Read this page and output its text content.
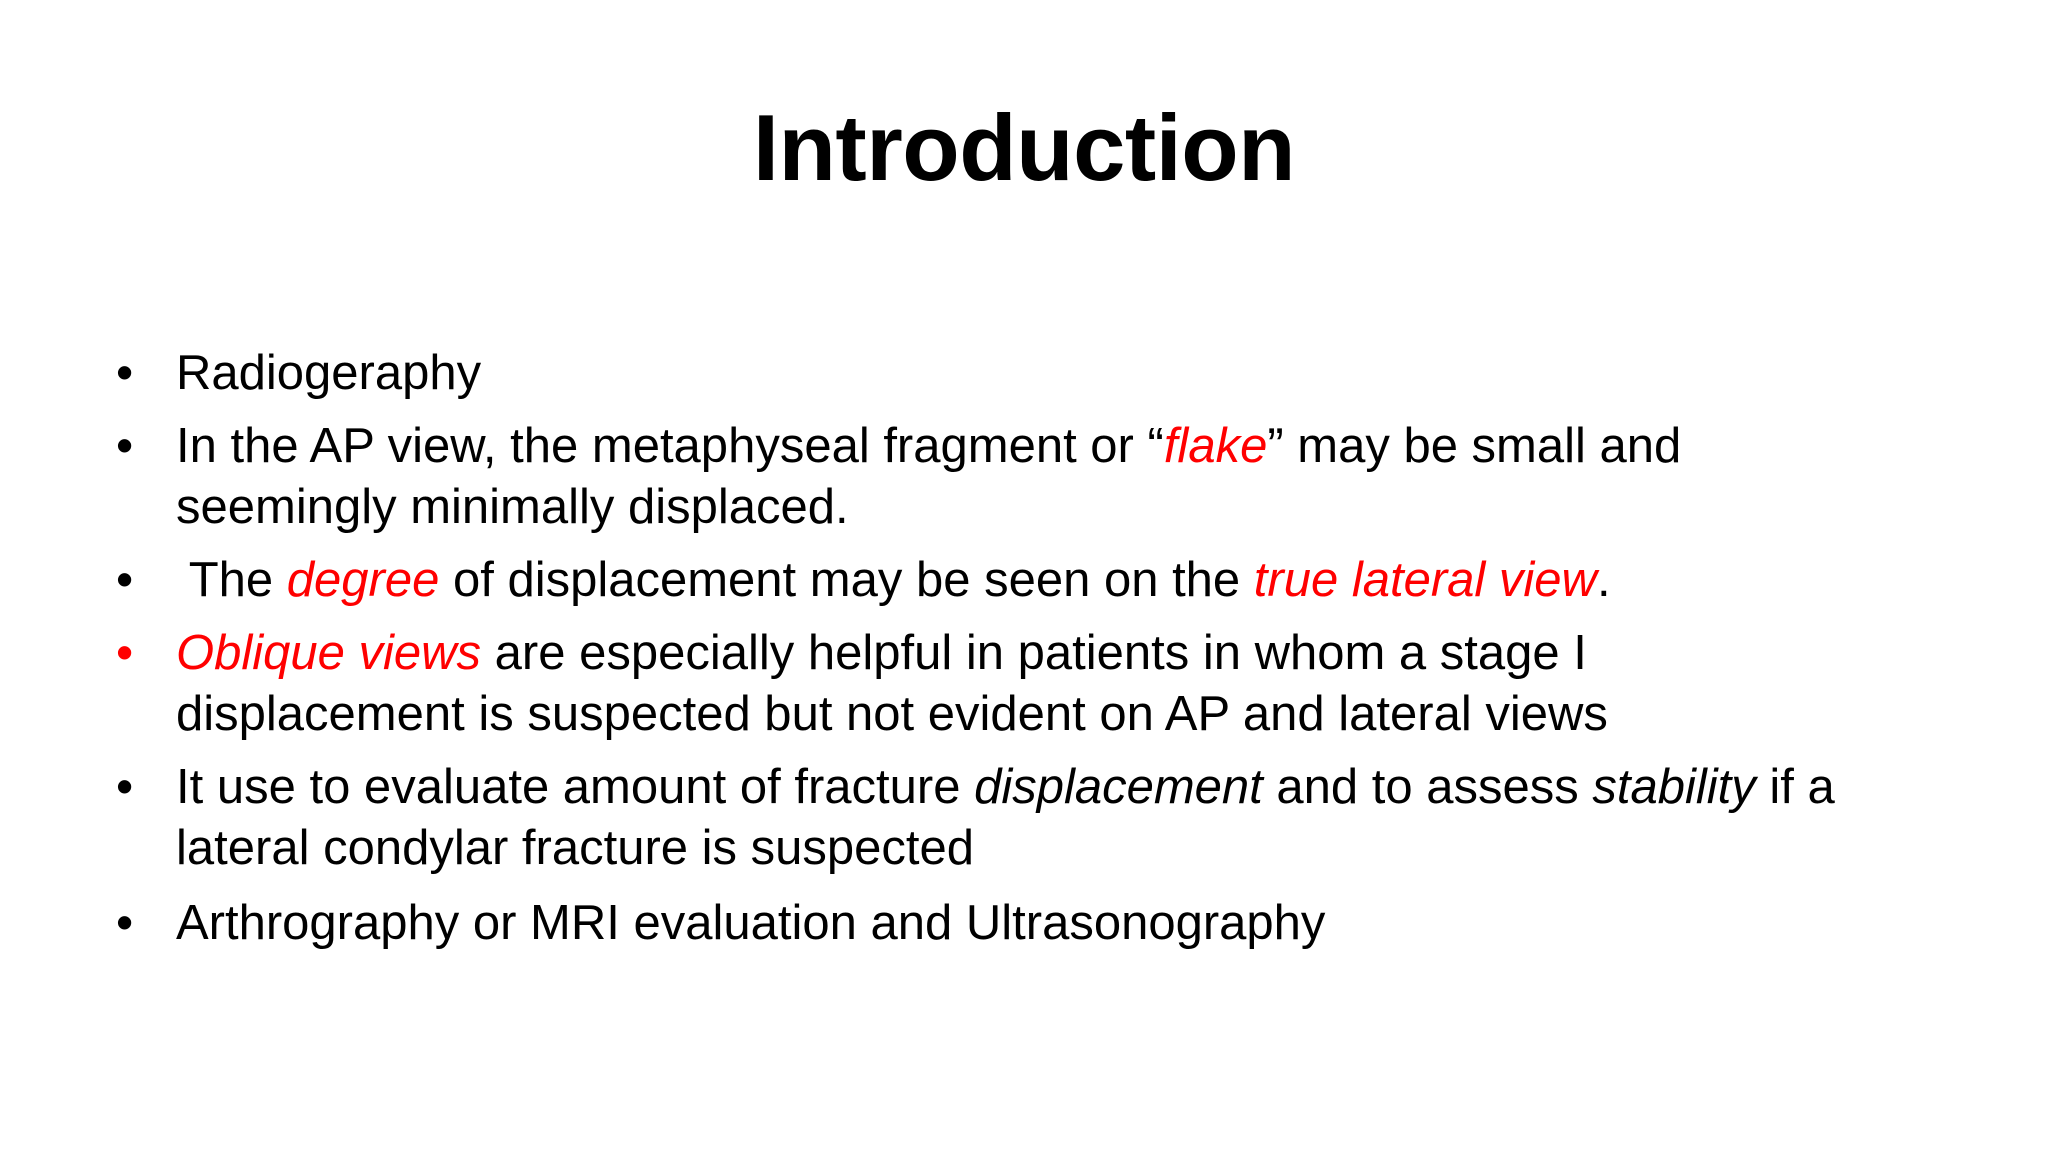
Introduction
• Radiogeraphy
• In the AP view, the metaphyseal fragment or “flake” may be small and
seemingly minimally displaced.
• The degree of displacement may be seen on the true lateral view.
• Oblique views are especially helpful in patients in whom a stage I
displacement is suspected but not evident on AP and lateral views
• It use to evaluate amount of fracture displacement and to assess stability if a
lateral condylar fracture is suspected
• Arthrography or MRI evaluation and Ultrasonography
